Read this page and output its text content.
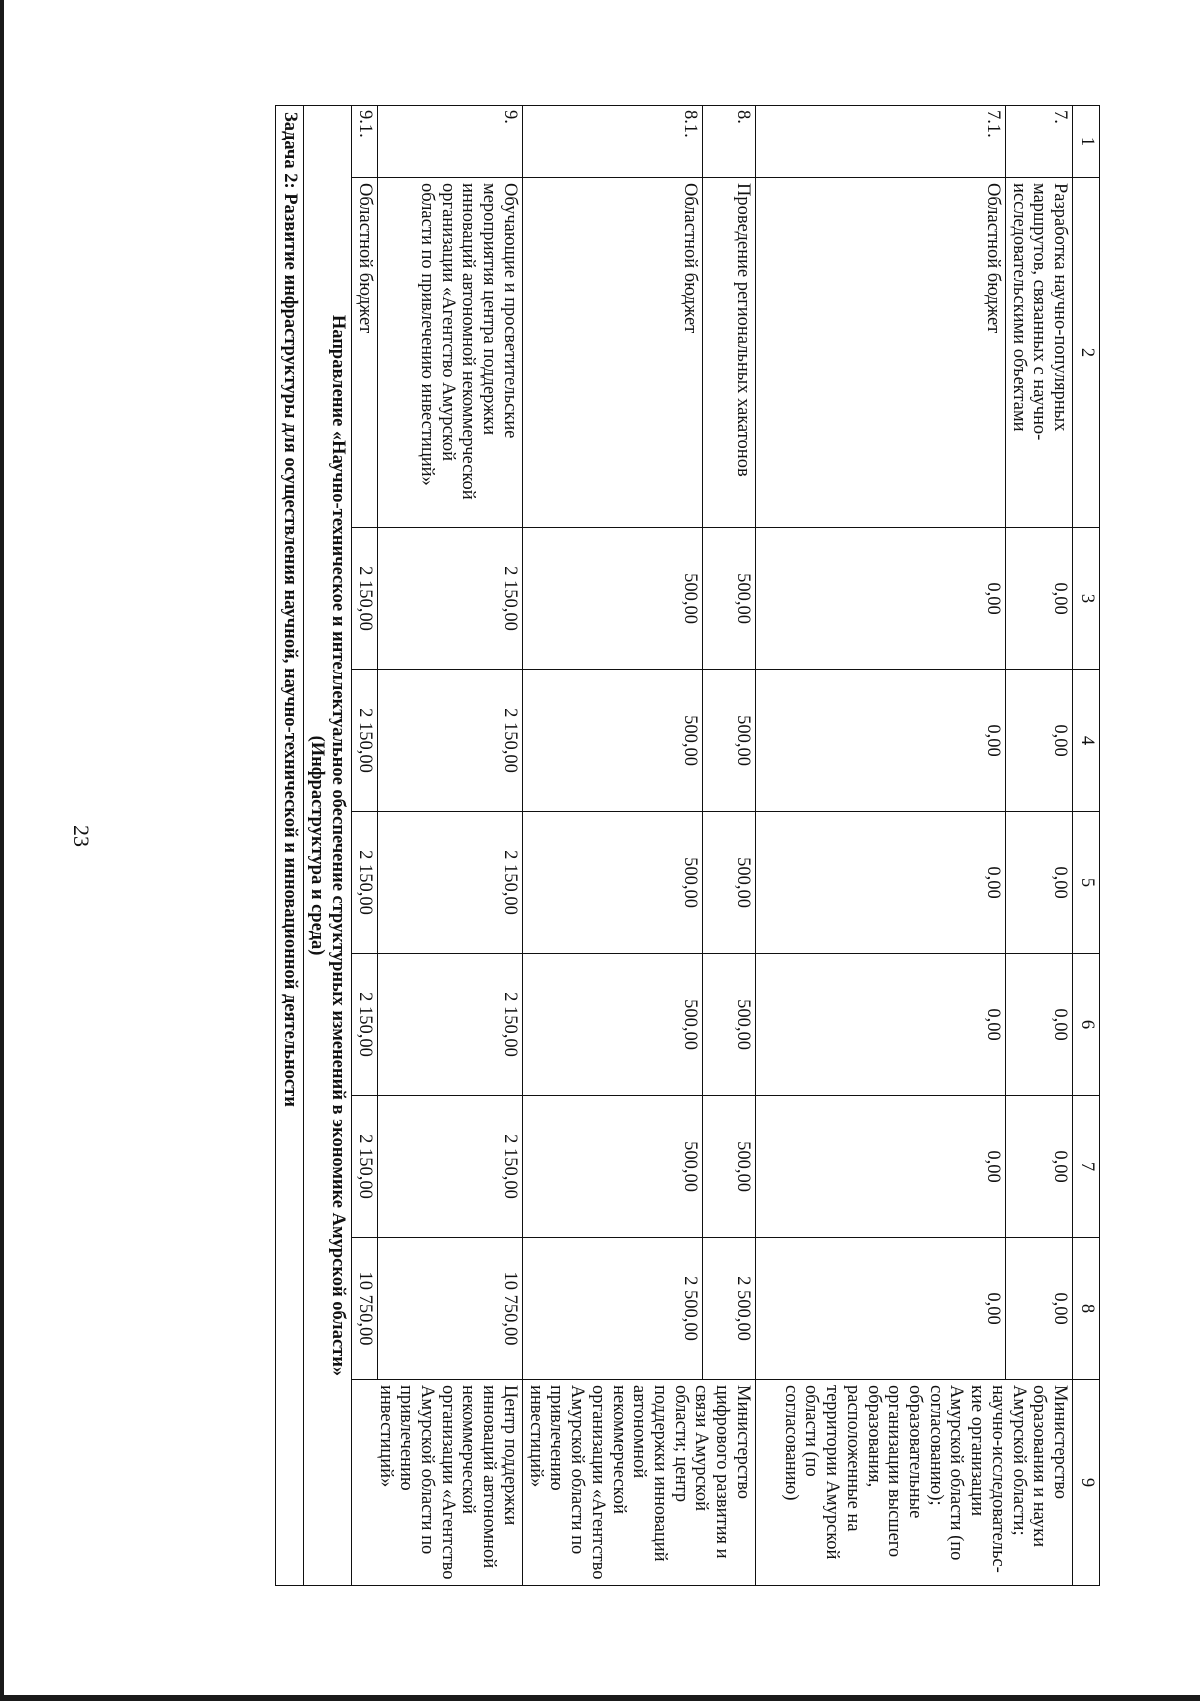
23
1	2	3	4	5	6	7	8	9
7.	Разработка научно-популярных маршрутов, связанных с научно-исследовательскими объектами	0,00	0,00	0,00	0,00	0,00	0,00	Министерство образования и науки Амурской области; научно-исследовательс-кие организации Амурской области (по согласованию); образовательные организации высшего образования, расположенные на территории Амурской области (по согласованию)
7.1.	Областной бюджет	0,00	0,00	0,00	0,00	0,00	0,00	
8.	Проведение региональных хакатонов	500,00	500,00	500,00	500,00	500,00	2 500,00	Министерство цифрового развития и связи Амурской области; центр поддержки инноваций автономной некоммерческой организации «Агентство Амурской области по привлечению инвестиций»
8.1.	Областной бюджет	500,00	500,00	500,00	500,00	500,00	2 500,00	
9.	Обучающие и просветительские мероприятия центра поддержки инноваций автономной некоммерческой организации «Агентство Амурской области по привлечению инвестиций»	2 150,00	2 150,00	2 150,00	2 150,00	2 150,00	10 750,00	Центр поддержки инноваций автономной некоммерческой организации «Агентство Амурской области по привлечению инвестиций»
9.1.	Областной бюджет	2 150,00	2 150,00	2 150,00	2 150,00	2 150,00	10 750,00	

Направление «Научно-техническое и интеллектуальное обеспечение структурных изменений в экономике Амурской области»
(Инфраструктура и среда)								

Задача 2: Развитие инфраструктуры для осуществления научной, научно-технической и инновационной деятельности								
